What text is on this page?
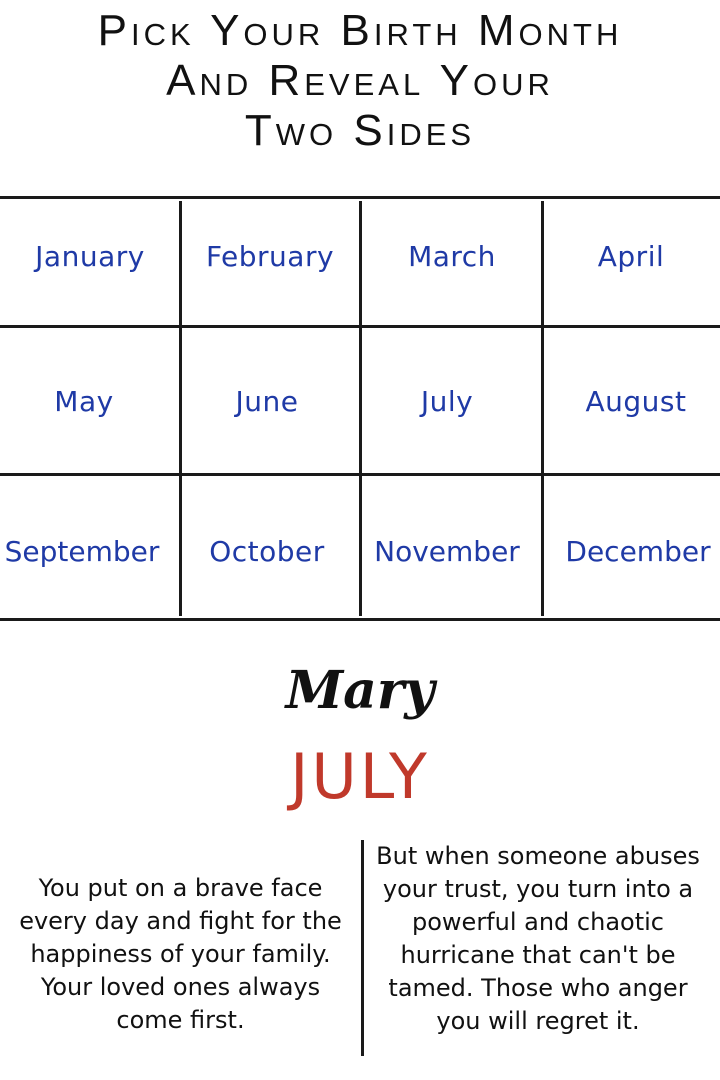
Pick Your Birth Month
And Reveal Your
Two Sides
January	February	March	April
May	June	July	August
September	October	November	December
Mary
JULY
You put on a brave face every day and fight for the happiness of your family. Your loved ones always come first.
But when someone abuses your trust, you turn into a powerful and chaotic hurricane that can't be tamed. Those who anger you will regret it.
